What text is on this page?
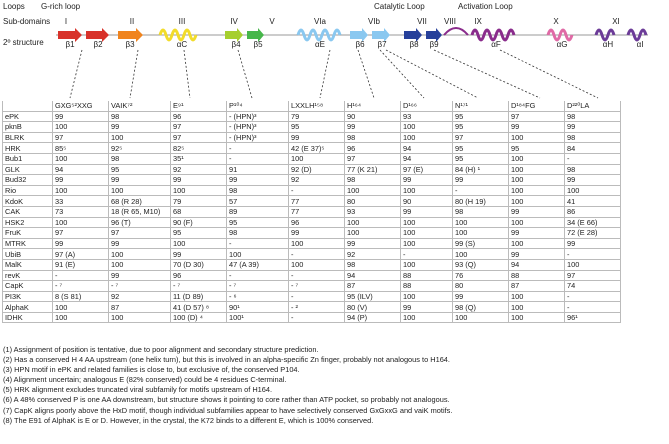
Loops G-rich loop	Catalytic Loop	Activation Loop
Sub-domains
2º structure
I	II	III	IV	V	VIa	VIb	VII	VIII	IX	X	XI
β1	β2	β3	αC	β4	β5	αE	β6	β7	β8	β9	αF	αG	αH	αI
	GXG⁵²XXG	VAIK⁷²	E⁹¹	P¹⁰⁴	LXXLH¹⁵⁸	H¹⁶⁴	D¹⁶⁶	N¹⁷¹	D¹⁸⁴FG	D²²⁰LA
ePK	99	98	96	- (HPN)³	79	90	93	95	97	98
pknB	100	99	97	- (HPN)³	95	99	100	95	99	99
BLRK	97	100	97	- (HPN)³	99	98	100	97	100	98
HRK	85⁵	92⁵	82⁵	-	42 (E 37)⁵	96	94	95	95	84
Bub1	100	98	35¹	-	100	97	94	95	100	-
GLK	94	95	92	91	92 (D)	77 (K 21)	97 (E)	84 (H) ¹	100	98
Bud32	99	99	99	99	92	98	99	99	100	99
Rio	100	100	100	98	-	100	100	-	100	100
KdoK	33	68 (R 28)	79	57	77	80	90	80 (H 19)	100	41
CAK	73	18 (R 65, M10)	68	89	77	93	99	98	99	86
HSK2	100	96 (T)	90 (F)	95	96	100	100	100	100	34 (E 66)
FruK	97	97	95	98	99	100	100	100	99	72 (E 28)
MTRK	99	99	100	-	100	99	100	99 (S)	100	99
UbiB	97 (A)	100	99	100	-	92	-	100	99	-
MalK	91 (E)	100	70 (D 30)	47 (A 39)	100	98	100	93 (Q)	94	100
revK	-	99	96	-	-	94	88	76	88	97
CapK	- ⁷	- ⁷	- ⁷	- ⁷	- ⁷	87	88	80	87	74
PI3K	8 (S 81)	92	11 (D 89)	- ⁶	-	95 (ILV)	100	99	100	-
AlphaK	100	87	41 (D 57) ⁸	90¹	- ²	80 (V)	99	98 (Q)	100	-
IDHK	100	100	100 (D) ⁴	100¹	-	94 (P)	100	100	100	96¹
(1) Assignment of position is tentative, due to poor alignment and secondary structure prediction.
(2) Has a conserved H 4 AA upstream (one helix turn), but this is involved in an alpha-specific Zn finger, probably not analogous to H164.
(3) HPN motif in ePK and related families is close to, but exclusive of, the conserved P104.
(4) Alignment uncertain; analogous E (82% conserved) could be 4 residues C-terminal.
(5) HRK alignment excludes truncated viral subfamily for motifs upstream of H164.
(6) A 48% conserved P is one AA downstream, but structure shows it pointing to core rather than ATP pocket, so probably not analogous.
(7) CapK aligns poorly above the HxD motif, though individual subfamilies appear to have selectively conserved GxGxxG and vaiK motifs.
(8) The E91 of AlphaK is E or D. However, in the crystal, the K72 binds to a different E, which is 100% conserved.
